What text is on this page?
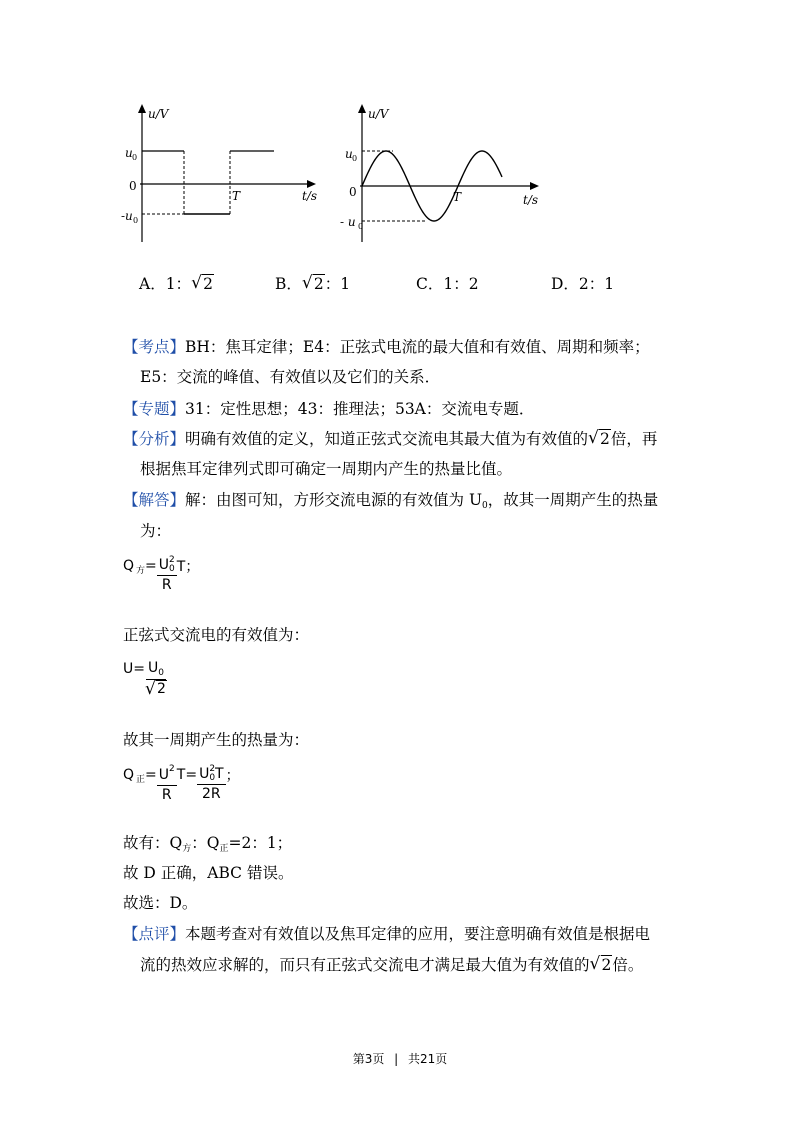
u/V
u 0
0
-u 0
T	t/s
u/V
u 0
0
- u 0
T	t/s
A．1： √ 2	B． √ 2：1	C．1：2	D．2：1
【考点】BH：焦耳定律；E4：正弦式电流的最大值和有效值、周期和频率；
E5：交流的峰值、有效值以及它们的关系．
【专题】31：定性思想；43：推理法；53A：交流电专题．
【分析】明确有效值的定义，知道正弦式交流电其最大值为有效值的 √ 2倍，再
根据焦耳定律列式即可确定一周期内产生的热量比值。
【解答】解：由图可知，方形交流电源的有效值为 U0，故其一周期产生的热量
为：
Q 方 = U 2
0
R T；
正弦式交流电的有效值为：
$U= \frac{U_0}{√ 2}$
故其一周期产生的热量为：
Q 正 = $\frac{U^2}{R} T= U$ 2
0 T
2R ；
故有：Q方：Q正=2：1；
故 D 正确，ABC 错误。
故选：D。
【点评】本题考查对有效值以及焦耳定律的应用，要注意明确有效值是根据电
流的热效应求解的，而只有正弦式交流电才满足最大值为有效值的 √ 2倍。
第3页 | 共21页
